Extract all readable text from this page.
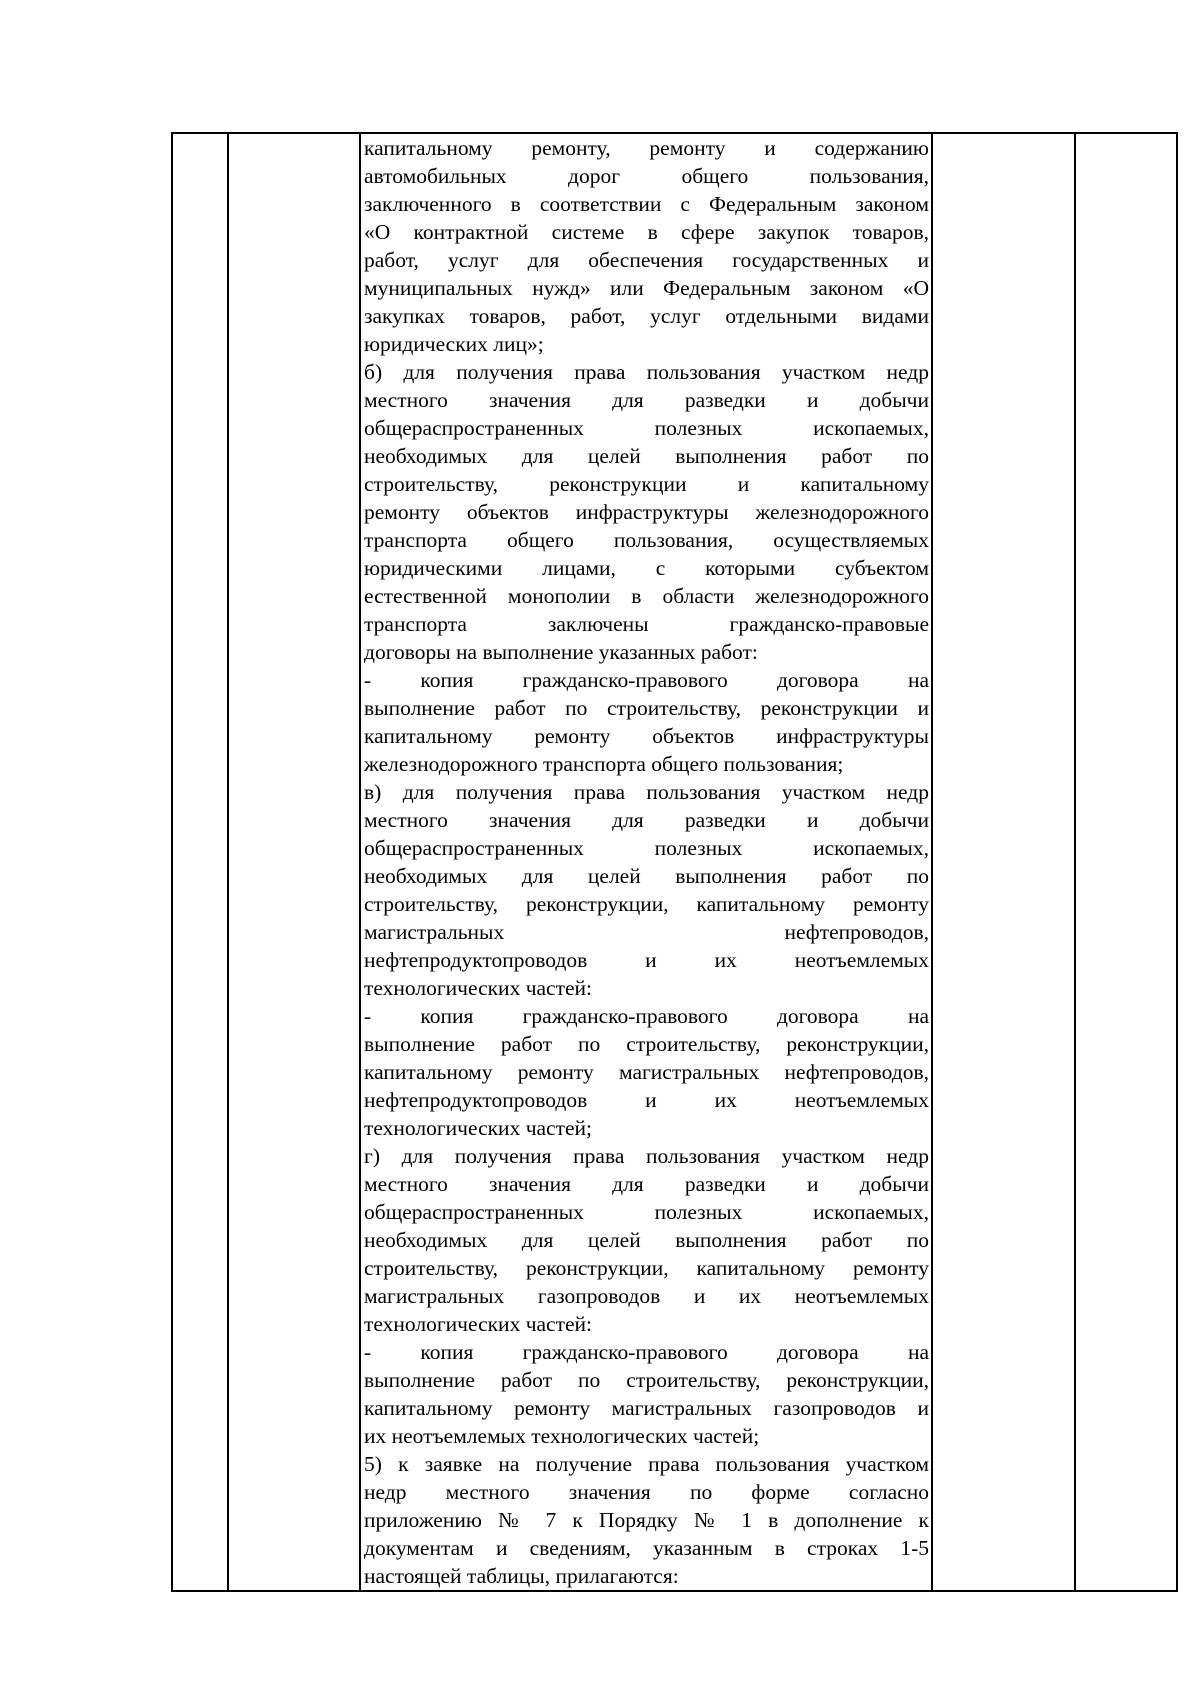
капитальному ремонту, ремонту и содержанию
автомобильных дорог общего пользования,
заключенного в соответствии с Федеральным законом
«О контрактной системе в сфере закупок товаров,
работ, услуг для обеспечения государственных и
муниципальных нужд» или Федеральным законом «О
закупках товаров, работ, услуг отдельными видами
юридических лиц»;
б) для получения права пользования участком недр
местного значения для разведки и добычи
общераспространенных полезных ископаемых,
необходимых для целей выполнения работ по
строительству, реконструкции и капитальному
ремонту объектов инфраструктуры железнодорожного
транспорта общего пользования, осуществляемых
юридическими лицами, с которыми субъектом
естественной монополии в области железнодорожного
транспорта заключены гражданско-правовые
договоры на выполнение указанных работ:
- копия гражданско-правового договора на
выполнение работ по строительству, реконструкции и
капитальному ремонту объектов инфраструктуры
железнодорожного транспорта общего пользования;
в) для получения права пользования участком недр
местного значения для разведки и добычи
общераспространенных полезных ископаемых,
необходимых для целей выполнения работ по
строительству, реконструкции, капитальному ремонту
магистральных нефтепроводов,
нефтепродуктопроводов и их неотъемлемых
технологических частей:
- копия гражданско-правового договора на
выполнение работ по строительству, реконструкции,
капитальному ремонту магистральных нефтепроводов,
нефтепродуктопроводов и их неотъемлемых
технологических частей;
г) для получения права пользования участком недр
местного значения для разведки и добычи
общераспространенных полезных ископаемых,
необходимых для целей выполнения работ по
строительству, реконструкции, капитальному ремонту
магистральных газопроводов и их неотъемлемых
технологических частей:
- копия гражданско-правового договора на
выполнение работ по строительству, реконструкции,
капитальному ремонту магистральных газопроводов и
их неотъемлемых технологических частей;
5) к заявке на получение права пользования участком
недр местного значения по форме согласно
приложению № 7 к Порядку № 1 в дополнение к
документам и сведениям, указанным в строках 1-5
настоящей таблицы, прилагаются:
